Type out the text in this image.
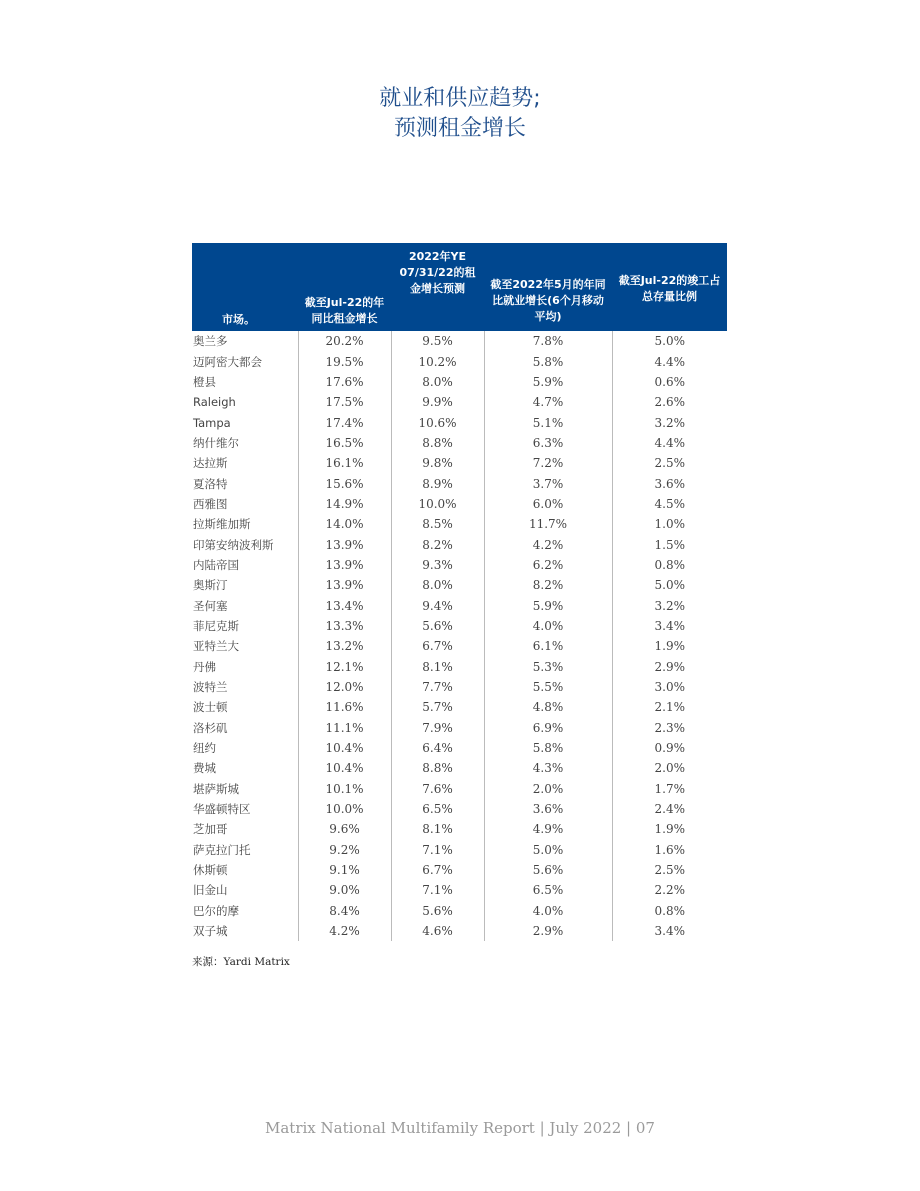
就业和供应趋势;
预测租金增长
市场。	截至Jul-22的年同比租金增长	2022年YE 07/31/22的租金增长预测	截至2022年5月的年同比就业增长(6个月移动平均)	截至Jul-22的竣工占总存量比例
奥兰多	20.2%	9.5%	7.8%	5.0%
迈阿密大都会	19.5%	10.2%	5.8%	4.4%
橙县	17.6%	8.0%	5.9%	0.6%
Raleigh	17.5%	9.9%	4.7%	2.6%
Tampa	17.4%	10.6%	5.1%	3.2%
纳什维尔	16.5%	8.8%	6.3%	4.4%
达拉斯	16.1%	9.8%	7.2%	2.5%
夏洛特	15.6%	8.9%	3.7%	3.6%
西雅图	14.9%	10.0%	6.0%	4.5%
拉斯维加斯	14.0%	8.5%	11.7%	1.0%
印第安纳波利斯	13.9%	8.2%	4.2%	1.5%
内陆帝国	13.9%	9.3%	6.2%	0.8%
奥斯汀	13.9%	8.0%	8.2%	5.0%
圣何塞	13.4%	9.4%	5.9%	3.2%
菲尼克斯	13.3%	5.6%	4.0%	3.4%
亚特兰大	13.2%	6.7%	6.1%	1.9%
丹佛	12.1%	8.1%	5.3%	2.9%
波特兰	12.0%	7.7%	5.5%	3.0%
波士顿	11.6%	5.7%	4.8%	2.1%
洛杉矶	11.1%	7.9%	6.9%	2.3%
纽约	10.4%	6.4%	5.8%	0.9%
费城	10.4%	8.8%	4.3%	2.0%
堪萨斯城	10.1%	7.6%	2.0%	1.7%
华盛顿特区	10.0%	6.5%	3.6%	2.4%
芝加哥	9.6%	8.1%	4.9%	1.9%
萨克拉门托	9.2%	7.1%	5.0%	1.6%
休斯顿	9.1%	6.7%	5.6%	2.5%
旧金山	9.0%	7.1%	6.5%	2.2%
巴尔的摩	8.4%	5.6%	4.0%	0.8%
双子城	4.2%	4.6%	2.9%	3.4%
来源：Yardi Matrix
Matrix National Multifamily Report | July 2022 | 07
